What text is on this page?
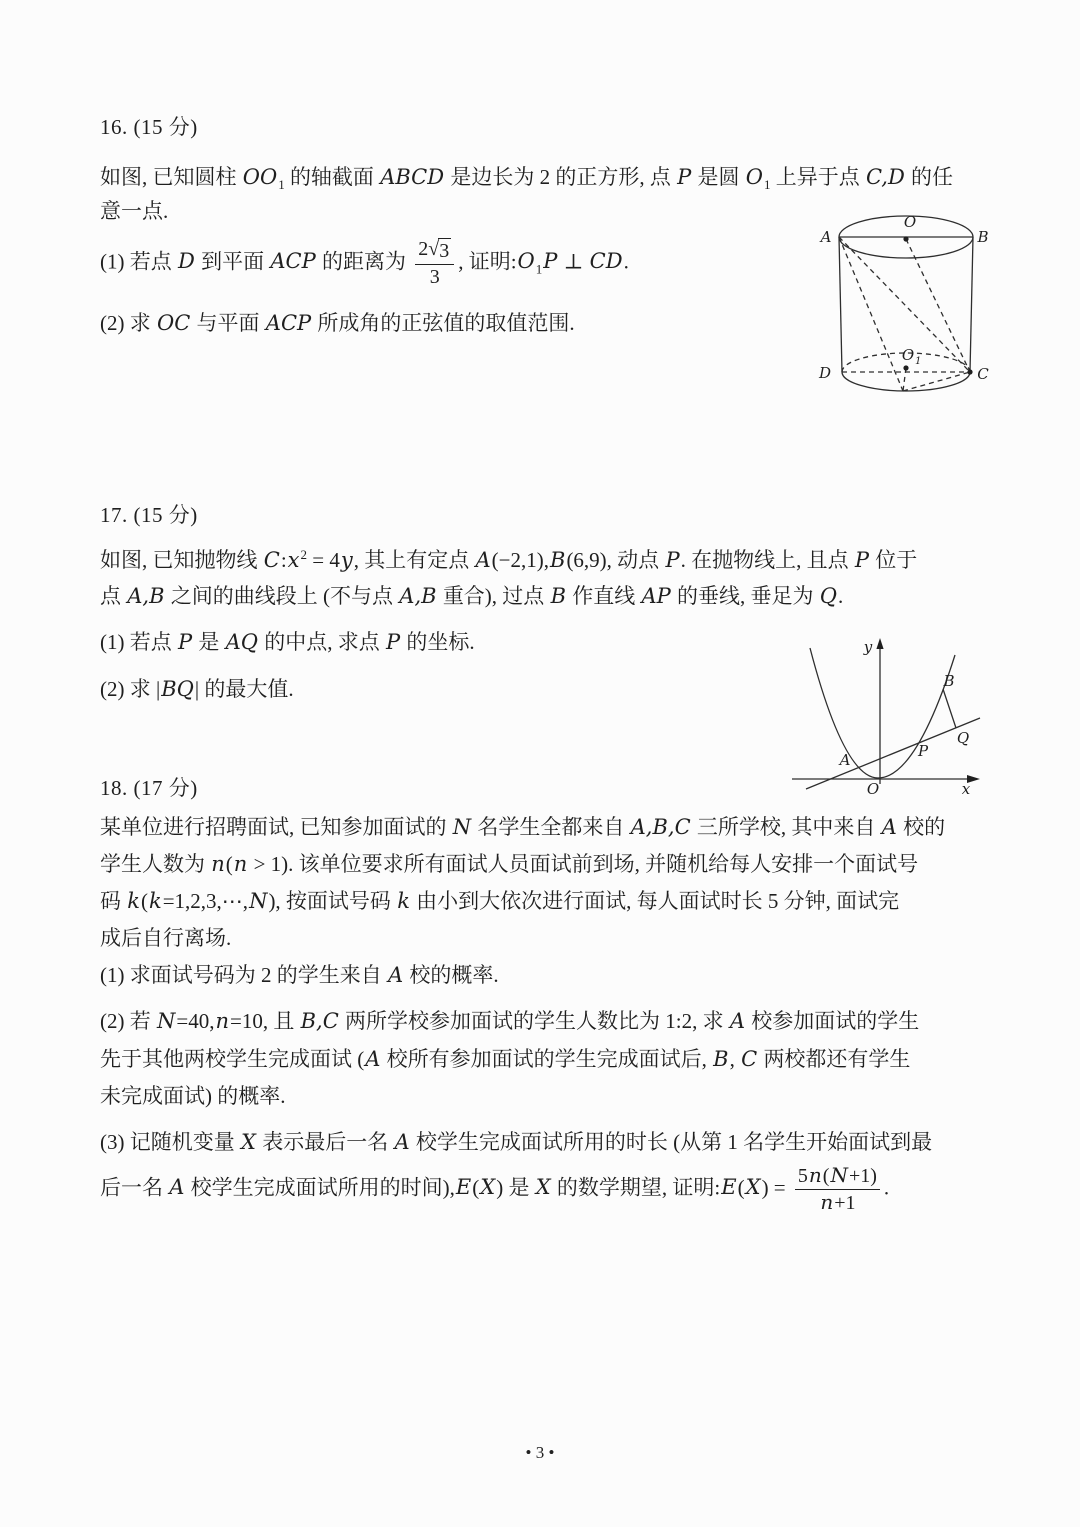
16. (15 分)
如图, 已知圆柱 $OO_1$ 的轴截面 ABCD 是边长为 2 的正方形, 点 P 是圆 $O_1$ 上异于点 C,D 的任
意一点.
(1) 若点 D 到平面 ACP 的距离为 $\frac{2 √ 3}{3}$ , 证明$:O_1P$ ⊥ CD.
(2) 求 OC 与平面 ACP 所成角的正弦值的取值范围.
A	B
O
D	C
O 1
17. (15 分)
如图, 已知抛物线 $C:x^2 = 4y$, 其上有定点 A(−2,1),B(6,9), 动点 P. 在抛物线上, 且点 P 位于
点 A,B 之间的曲线段上 (不与点 A,B 重合), 过点 B 作直线 AP 的垂线, 垂足为 Q.
(1) 若点 P 是 AQ 的中点, 求点 P 的坐标.
(2) 求 |BQ| 的最大值.
y
x
O
A	P
B
Q
18. (17 分)
某单位进行招聘面试, 已知参加面试的 N 名学生全都来自 A,B,C 三所学校, 其中来自 A 校的
学生人数为 n(n > 1). 该单位要求所有面试人员面试前到场, 并随机给每人安排一个面试号
码 k(k=1,2,3,⋯,N), 按面试号码 k 由小到大依次进行面试, 每人面试时长 5 分钟, 面试完
成后自行离场.
(1) 求面试号码为 2 的学生来自 A 校的概率.
(2) 若 N=40,n=10, 且 B,C 两所学校参加面试的学生人数比为 1:2, 求 A 校参加面试的学生
先于其他两校学生完成面试 (A 校所有参加面试的学生完成面试后, B, C 两校都还有学生
未完成面试) 的概率.
(3) 记随机变量 X 表示最后一名 A 校学生完成面试所用的时长 (从第 1 名学生开始面试到最
后一名 A 校学生完成面试所用的时间),E(X) 是 X 的数学期望, 证明:E(X) = $\frac{5n(N+1)}{n+1}$ .
• 3 •
